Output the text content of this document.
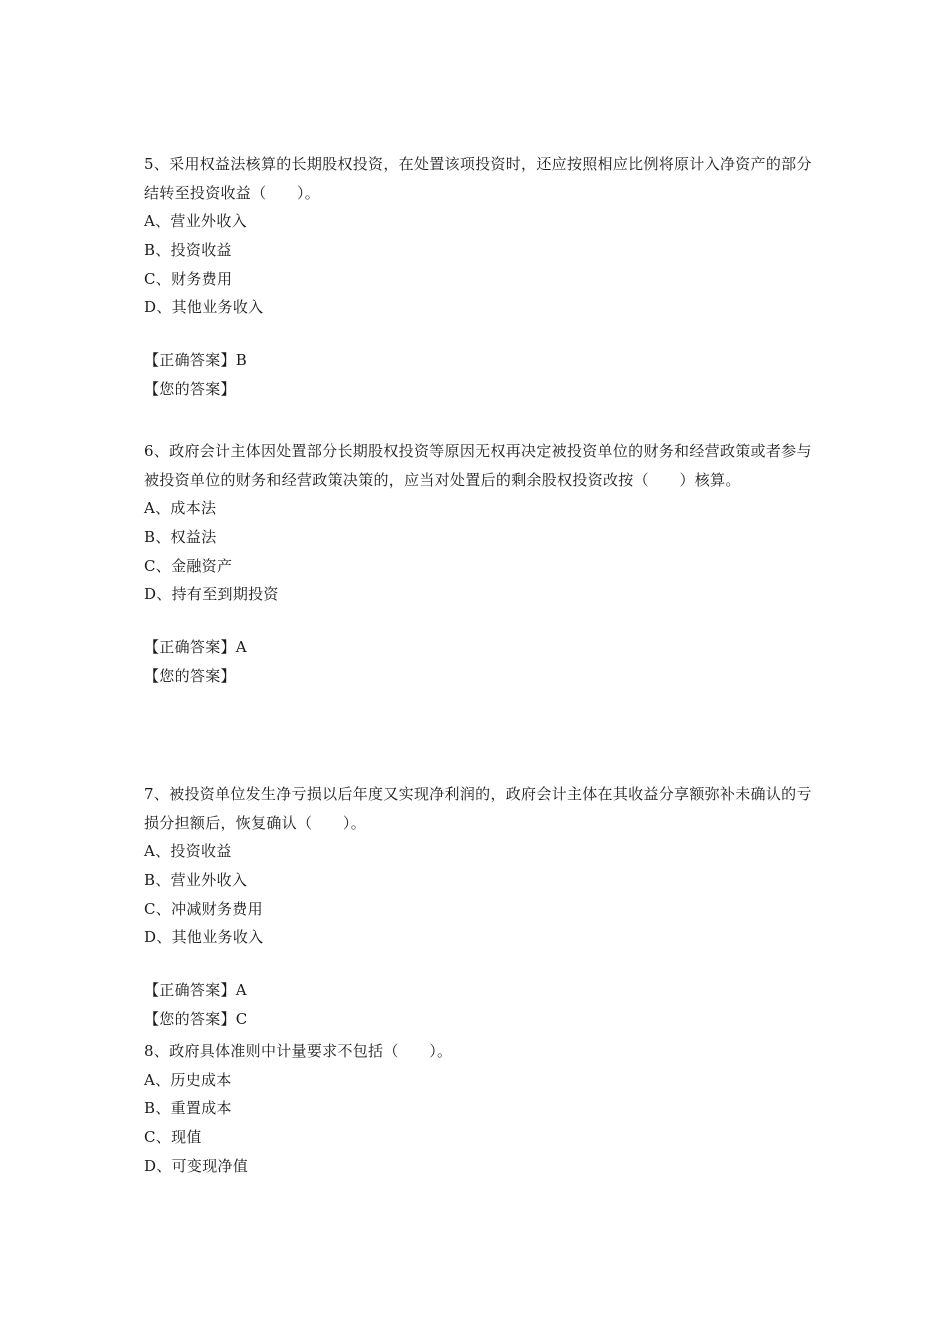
5、采用权益法核算的长期股权投资，在处置该项投资时，还应按照相应比例将原计入净资产的部分结转至投资收益（　　）。

A、营业外收入

B、投资收益

C、财务费用

D、其他业务收入

【正确答案】B

【您的答案】

6、政府会计主体因处置部分长期股权投资等原因无权再决定被投资单位的财务和经营政策或者参与被投资单位的财务和经营政策决策的，应当对处置后的剩余股权投资改按（　　）核算。

A、成本法

B、权益法

C、金融资产

D、持有至到期投资

【正确答案】A

【您的答案】

7、被投资单位发生净亏损以后年度又实现净利润的，政府会计主体在其收益分享额弥补未确认的亏损分担额后，恢复确认（　　）。

A、投资收益

B、营业外收入

C、冲减财务费用

D、其他业务收入

【正确答案】A

【您的答案】C

8、政府具体准则中计量要求不包括（　　）。

A、历史成本

B、重置成本

C、现值

D、可变现净值
